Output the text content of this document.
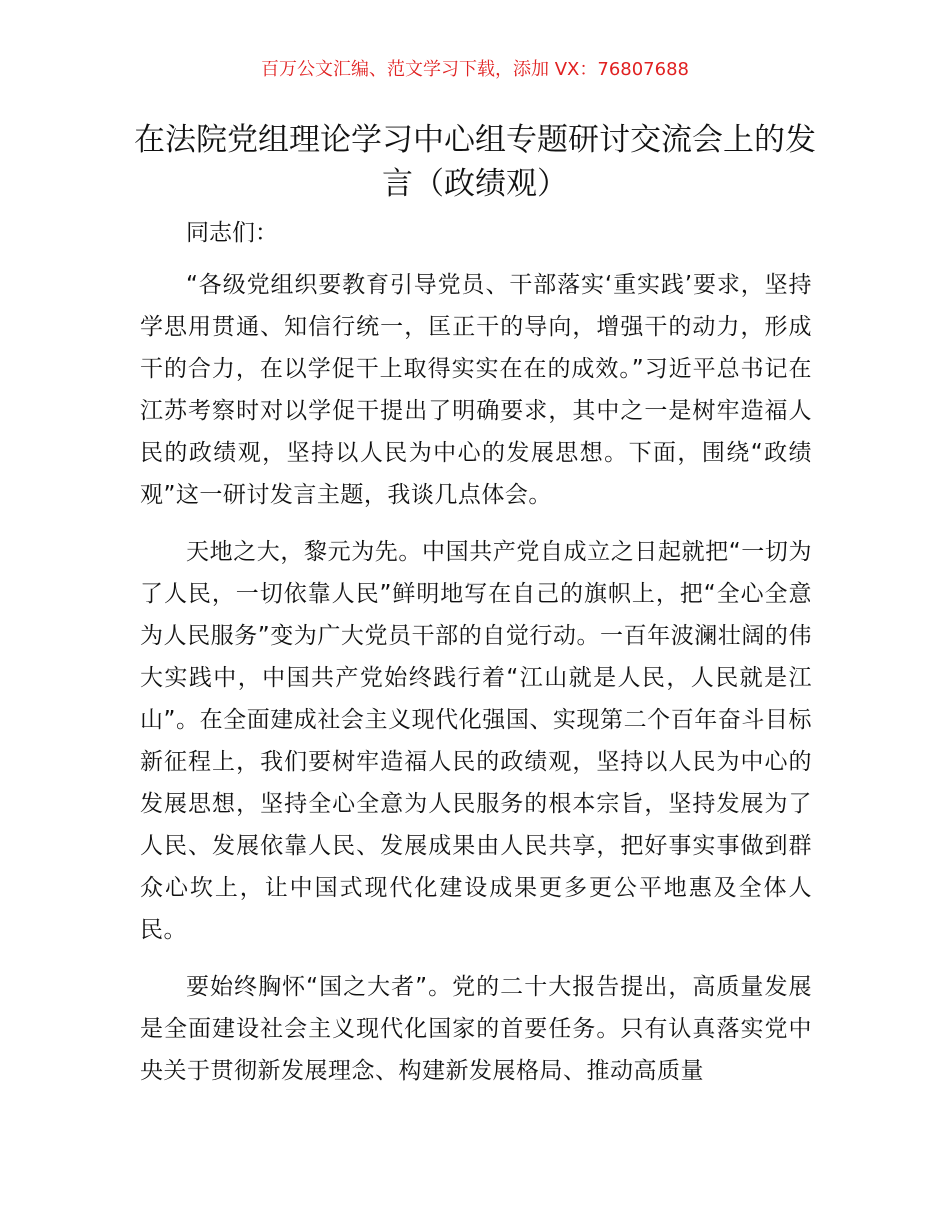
百万公文汇编、范文学习下载，添加 VX：76807688
在法院党组理论学习中心组专题研讨交流会上的发言（政绩观）

同志们：

“各级党组织要教育引导党员、干部落实‘重实践’要求，坚持学思用贯通、知信行统一，匡正干的导向，增强干的动力，形成干的合力，在以学促干上取得实实在在的成效。”习近平总书记在江苏考察时对以学促干提出了明确要求，其中之一是树牢造福人民的政绩观，坚持以人民为中心的发展思想。下面，围绕“政绩观”这一研讨发言主题，我谈几点体会。

天地之大，黎元为先。中国共产党自成立之日起就把“一切为了人民，一切依靠人民”鲜明地写在自己的旗帜上，把“全心全意为人民服务”变为广大党员干部的自觉行动。一百年波澜壮阔的伟大实践中，中国共产党始终践行着“江山就是人民，人民就是江山”。在全面建成社会主义现代化强国、实现第二个百年奋斗目标新征程上，我们要树牢造福人民的政绩观，坚持以人民为中心的发展思想，坚持全心全意为人民服务的根本宗旨，坚持发展为了人民、发展依靠人民、发展成果由人民共享，把好事实事做到群众心坎上，让中国式现代化建设成果更多更公平地惠及全体人民。

要始终胸怀“国之大者”。党的二十大报告提出，高质量发展是全面建设社会主义现代化国家的首要任务。只有认真落实党中央关于贯彻新发展理念、构建新发展格局、推动高质量
